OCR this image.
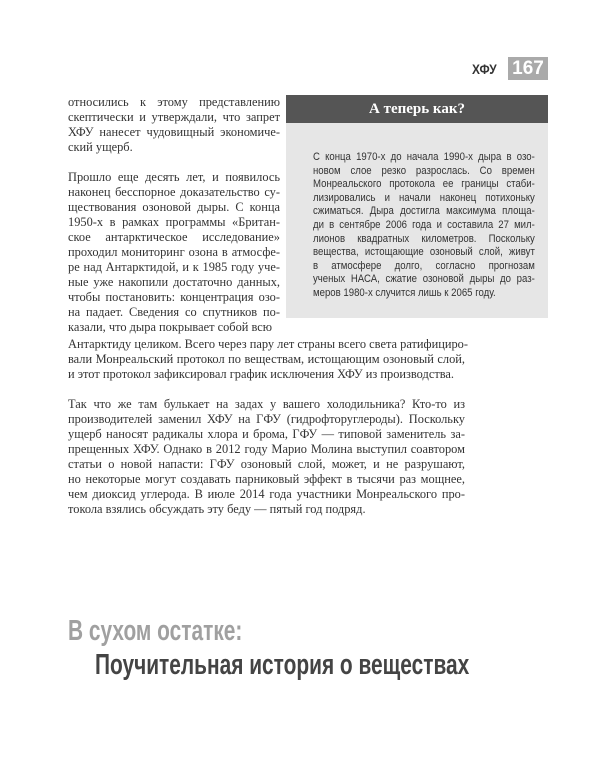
ХФУ 167
относились к этому представлению
скептически и утверждали, что запрет
ХФУ нанесет чудовищный экономиче-
ский ущерб.
Прошло еще десять лет, и появилось
наконец бесспорное доказательство су-
ществования озоновой дыры. С конца
1950-х в рамках программы «Британ-
ское антарктическое исследование»
проходил мониторинг озона в атмосфе-
ре над Антарктидой, и к 1985 году уче-
ные уже накопили достаточно данных,
чтобы постановить: концентрация озо-
на падает. Сведения со спутников по-
казали, что дыра покрывает собой всю
Антарктиду целиком. Всего через пару лет страны всего света ратифициро-
вали Монреальский протокол по веществам, истощающим озоновый слой,
и этот протокол зафиксировал график исключения ХФУ из производства.
Так что же там булькает на задах у вашего холодильника? Кто-то из
производителей заменил ХФУ на ГФУ (гидрофторуглероды). Поскольку
ущерб наносят радикалы хлора и брома, ГФУ — типовой заменитель за-
прещенных ХФУ. Однако в 2012 году Марио Молина выступил соавтором
статьи о новой напасти: ГФУ озоновый слой, может, и не разрушают,
но некоторые могут создавать парниковый эффект в тысячи раз мощнее,
чем диоксид углерода. В июле 2014 года участники Монреальского про-
токола взялись обсуждать эту беду — пятый год подряд.
А теперь как?
С конца 1970-х до начала 1990-х дыра в озо-
новом слое резко разрослась. Со времен
Монреальского протокола ее границы стаби-
лизировались и начали наконец потихоньку
сжиматься. Дыра достигла максимума площа-
ди в сентябре 2006 года и составила 27 мил-
лионов квадратных километров. Поскольку
вещества, истощающие озоновый слой, живут
в атмосфере долго, согласно прогнозам
ученых НАСА, сжатие озоновой дыры до раз-
меров 1980-х случится лишь к 2065 году.
В сухом остатке:
Поучительная история о веществах
